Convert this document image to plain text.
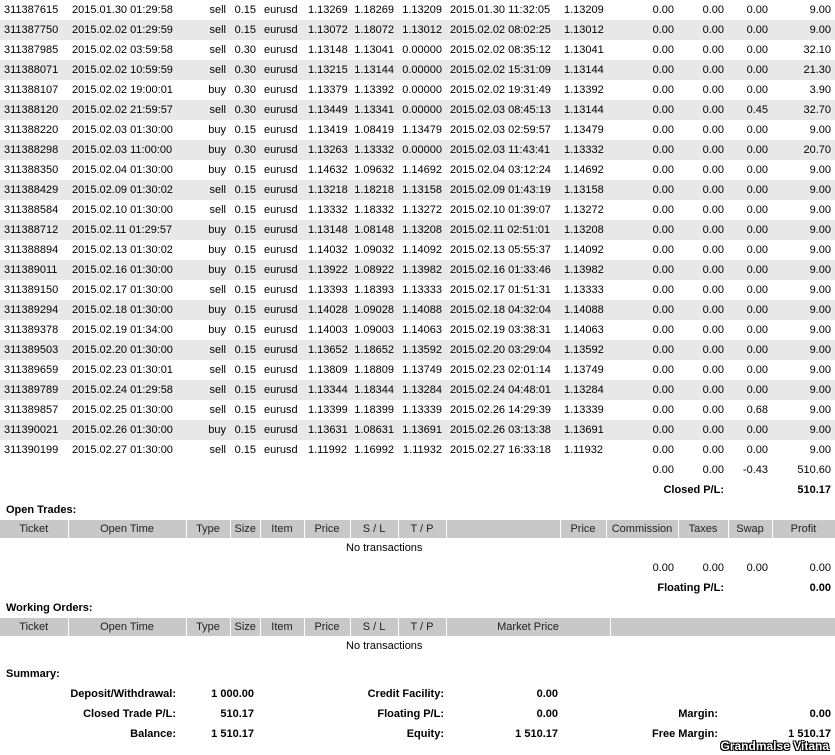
311387615	2015.01.30 01:29:58	sell	0.15	eurusd	1.13269	1.18269	1.13209	2015.01.30 11:32:05	1.13209	0.00	0.00	0.00	9.00
311387750	2015.02.02 01:29:59	sell	0.15	eurusd	1.13072	1.18072	1.13012	2015.02.02 08:02:25	1.13012	0.00	0.00	0.00	9.00
311387985	2015.02.02 03:59:58	sell	0.30	eurusd	1.13148	1.13041	0.00000	2015.02.02 08:35:12	1.13041	0.00	0.00	0.00	32.10
311388071	2015.02.02 10:59:59	sell	0.30	eurusd	1.13215	1.13144	0.00000	2015.02.02 15:31:09	1.13144	0.00	0.00	0.00	21.30
311388107	2015.02.02 19:00:01	buy	0.30	eurusd	1.13379	1.13392	0.00000	2015.02.02 19:31:49	1.13392	0.00	0.00	0.00	3.90
311388120	2015.02.02 21:59:57	sell	0.30	eurusd	1.13449	1.13341	0.00000	2015.02.03 08:45:13	1.13144	0.00	0.00	0.45	32.70
311388220	2015.02.03 01:30:00	buy	0.15	eurusd	1.13419	1.08419	1.13479	2015.02.03 02:59:57	1.13479	0.00	0.00	0.00	9.00
311388298	2015.02.03 11:00:00	buy	0.30	eurusd	1.13263	1.13332	0.00000	2015.02.03 11:43:41	1.13332	0.00	0.00	0.00	20.70
311388350	2015.02.04 01:30:00	buy	0.15	eurusd	1.14632	1.09632	1.14692	2015.02.04 03:12:24	1.14692	0.00	0.00	0.00	9.00
311388429	2015.02.09 01:30:02	sell	0.15	eurusd	1.13218	1.18218	1.13158	2015.02.09 01:43:19	1.13158	0.00	0.00	0.00	9.00
311388584	2015.02.10 01:30:00	sell	0.15	eurusd	1.13332	1.18332	1.13272	2015.02.10 01:39:07	1.13272	0.00	0.00	0.00	9.00
311388712	2015.02.11 01:29:57	buy	0.15	eurusd	1.13148	1.08148	1.13208	2015.02.11 02:51:01	1.13208	0.00	0.00	0.00	9.00
311388894	2015.02.13 01:30:02	buy	0.15	eurusd	1.14032	1.09032	1.14092	2015.02.13 05:55:37	1.14092	0.00	0.00	0.00	9.00
311389011	2015.02.16 01:30:00	buy	0.15	eurusd	1.13922	1.08922	1.13982	2015.02.16 01:33:46	1.13982	0.00	0.00	0.00	9.00
311389150	2015.02.17 01:30:00	sell	0.15	eurusd	1.13393	1.18393	1.13333	2015.02.17 01:51:31	1.13333	0.00	0.00	0.00	9.00
311389294	2015.02.18 01:30:00	buy	0.15	eurusd	1.14028	1.09028	1.14088	2015.02.18 04:32:04	1.14088	0.00	0.00	0.00	9.00
311389378	2015.02.19 01:34:00	buy	0.15	eurusd	1.14003	1.09003	1.14063	2015.02.19 03:38:31	1.14063	0.00	0.00	0.00	9.00
311389503	2015.02.20 01:30:00	sell	0.15	eurusd	1.13652	1.18652	1.13592	2015.02.20 03:29:04	1.13592	0.00	0.00	0.00	9.00
311389659	2015.02.23 01:30:01	sell	0.15	eurusd	1.13809	1.18809	1.13749	2015.02.23 02:01:14	1.13749	0.00	0.00	0.00	9.00
311389789	2015.02.24 01:29:58	sell	0.15	eurusd	1.13344	1.18344	1.13284	2015.02.24 04:48:01	1.13284	0.00	0.00	0.00	9.00
311389857	2015.02.25 01:30:00	sell	0.15	eurusd	1.13399	1.18399	1.13339	2015.02.26 14:29:39	1.13339	0.00	0.00	0.68	9.00
311390021	2015.02.26 01:30:00	buy	0.15	eurusd	1.13631	1.08631	1.13691	2015.02.26 03:13:38	1.13691	0.00	0.00	0.00	9.00
311390199	2015.02.27 01:30:00	sell	0.15	eurusd	1.11992	1.16992	1.11932	2015.02.27 16:33:18	1.11932	0.00	0.00	0.00	9.00
										0.00	0.00	-0.43	510.60
										Closed P/L:		510.17	
Open Trades:
Ticket	Open Time	Type	Size	Item	Price	S / L	T / P		Price	Commission	Taxes	Swap	Profit
No transactions													
										0.00	0.00	0.00	0.00
										Floating P/L:		0.00	
Working Orders:
Ticket	Open Time	Type	Size	Item	Price	S / L	T / P	Market Price	
No transactions
Summary:
Deposit/Withdrawal:	1 000.00	Credit Facility:	0.00		
Closed Trade P/L:	510.17	Floating P/L:	0.00	Margin:	0.00
Balance:	1 510.17	Equity:	1 510.17	Free Margin:	1 510.17
Grandmalse Vitana
